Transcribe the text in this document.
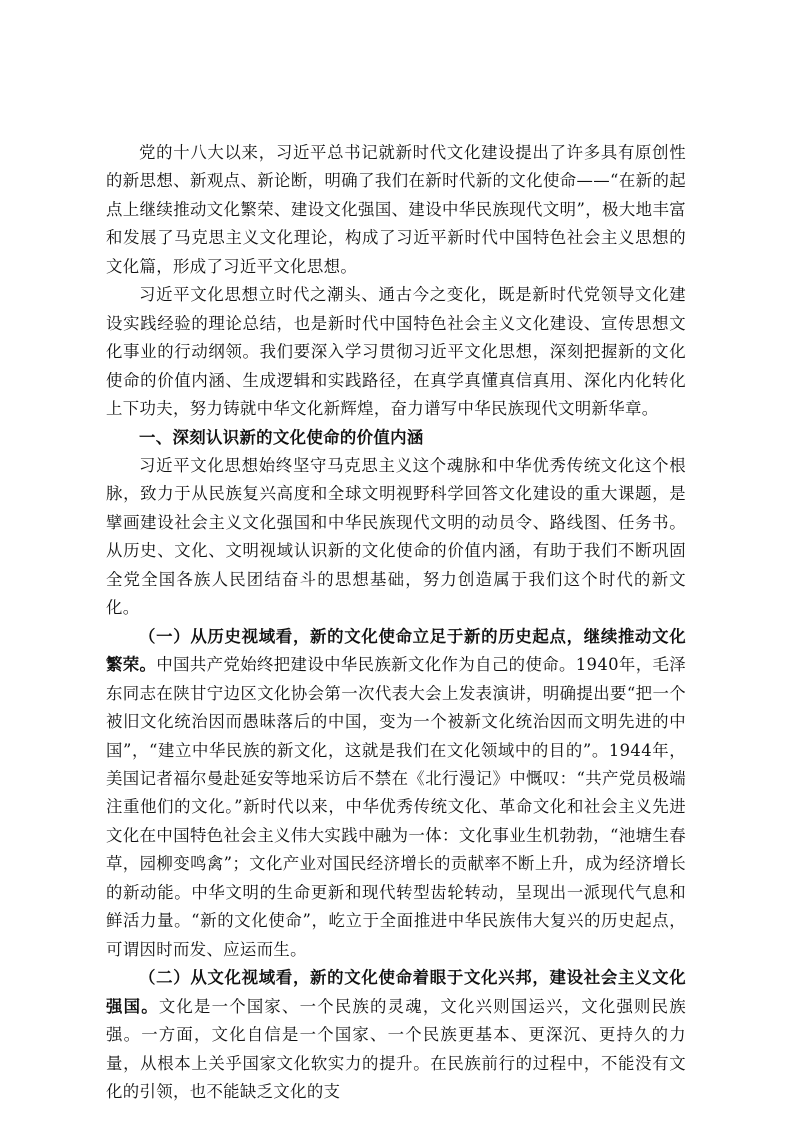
党的十八大以来，习近平总书记就新时代文化建设提出了许多具有原创性的新思想、新观点、新论断，明确了我们在新时代新的文化使命——“在新的起点上继续推动文化繁荣、建设文化强国、建设中华民族现代文明”，极大地丰富和发展了马克思主义文化理论，构成了习近平新时代中国特色社会主义思想的文化篇，形成了习近平文化思想。

习近平文化思想立时代之潮头、通古今之变化，既是新时代党领导文化建设实践经验的理论总结，也是新时代中国特色社会主义文化建设、宣传思想文化事业的行动纲领。我们要深入学习贯彻习近平文化思想，深刻把握新的文化使命的价值内涵、生成逻辑和实践路径，在真学真懂真信真用、深化内化转化上下功夫，努力铸就中华文化新辉煌，奋力谱写中华民族现代文明新华章。

一、深刻认识新的文化使命的价值内涵

习近平文化思想始终坚守马克思主义这个魂脉和中华优秀传统文化这个根脉，致力于从民族复兴高度和全球文明视野科学回答文化建设的重大课题，是擘画建设社会主义文化强国和中华民族现代文明的动员令、路线图、任务书。从历史、文化、文明视域认识新的文化使命的价值内涵，有助于我们不断巩固全党全国各族人民团结奋斗的思想基础，努力创造属于我们这个时代的新文化。

（一）从历史视域看，新的文化使命立足于新的历史起点，继续推动文化繁荣。中国共产党始终把建设中华民族新文化作为自己的使命。1940年，毛泽东同志在陕甘宁边区文化协会第一次代表大会上发表演讲，明确提出要“把一个被旧文化统治因而愚昧落后的中国，变为一个被新文化统治因而文明先进的中国”，“建立中华民族的新文化，这就是我们在文化领域中的目的”。1944年，美国记者福尔曼赴延安等地采访后不禁在《北行漫记》中慨叹：“共产党员极端注重他们的文化。”新时代以来，中华优秀传统文化、革命文化和社会主义先进文化在中国特色社会主义伟大实践中融为一体：文化事业生机勃勃，“池塘生春草，园柳变鸣禽”；文化产业对国民经济增长的贡献率不断上升，成为经济增长的新动能。中华文明的生命更新和现代转型齿轮转动，呈现出一派现代气息和鲜活力量。“新的文化使命”，屹立于全面推进中华民族伟大复兴的历史起点，可谓因时而发、应运而生。

（二）从文化视域看，新的文化使命着眼于文化兴邦，建设社会主义文化强国。文化是一个国家、一个民族的灵魂，文化兴则国运兴，文化强则民族强。一方面，文化自信是一个国家、一个民族更基本、更深沉、更持久的力量，从根本上关乎国家文化软实力的提升。在民族前行的过程中，不能没有文化的引领，也不能缺乏文化的支
